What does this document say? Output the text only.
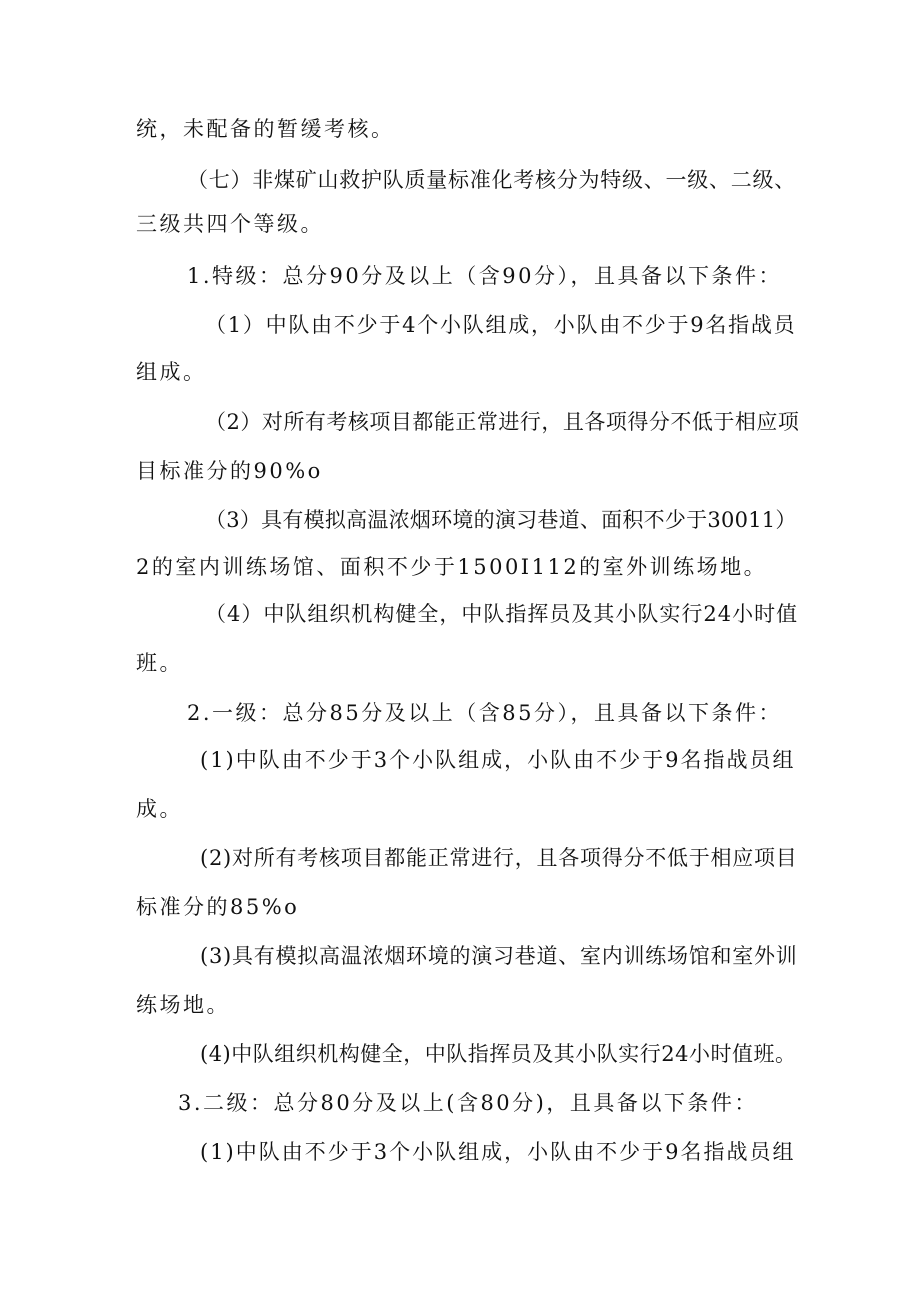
统，未配备的暂缓考核。
（七）非煤矿山救护队质量标准化考核分为特级、一级、二级、
三级共四个等级。
1.特级：总分90分及以上（含90分），且具备以下条件：
（1）中队由不少于4个小队组成，小队由不少于9名指战员
组成。
（2）对所有考核项目都能正常进行，且各项得分不低于相应项
目标准分的90%o
（3）具有模拟高温浓烟环境的演习巷道、面积不少于30011）
2的室内训练场馆、面积不少于1500I112的室外训练场地。
（4）中队组织机构健全，中队指挥员及其小队实行24小时值
班。
2.一级：总分85分及以上（含85分），且具备以下条件：
(1)中队由不少于3个小队组成，小队由不少于9名指战员组
成。
(2)对所有考核项目都能正常进行，且各项得分不低于相应项目
标准分的85%o
(3)具有模拟高温浓烟环境的演习巷道、室内训练场馆和室外训
练场地。
(4)中队组织机构健全，中队指挥员及其小队实行24小时值班。
3.二级：总分80分及以上(含80分)，且具备以下条件：
(1)中队由不少于3个小队组成，小队由不少于9名指战员组
